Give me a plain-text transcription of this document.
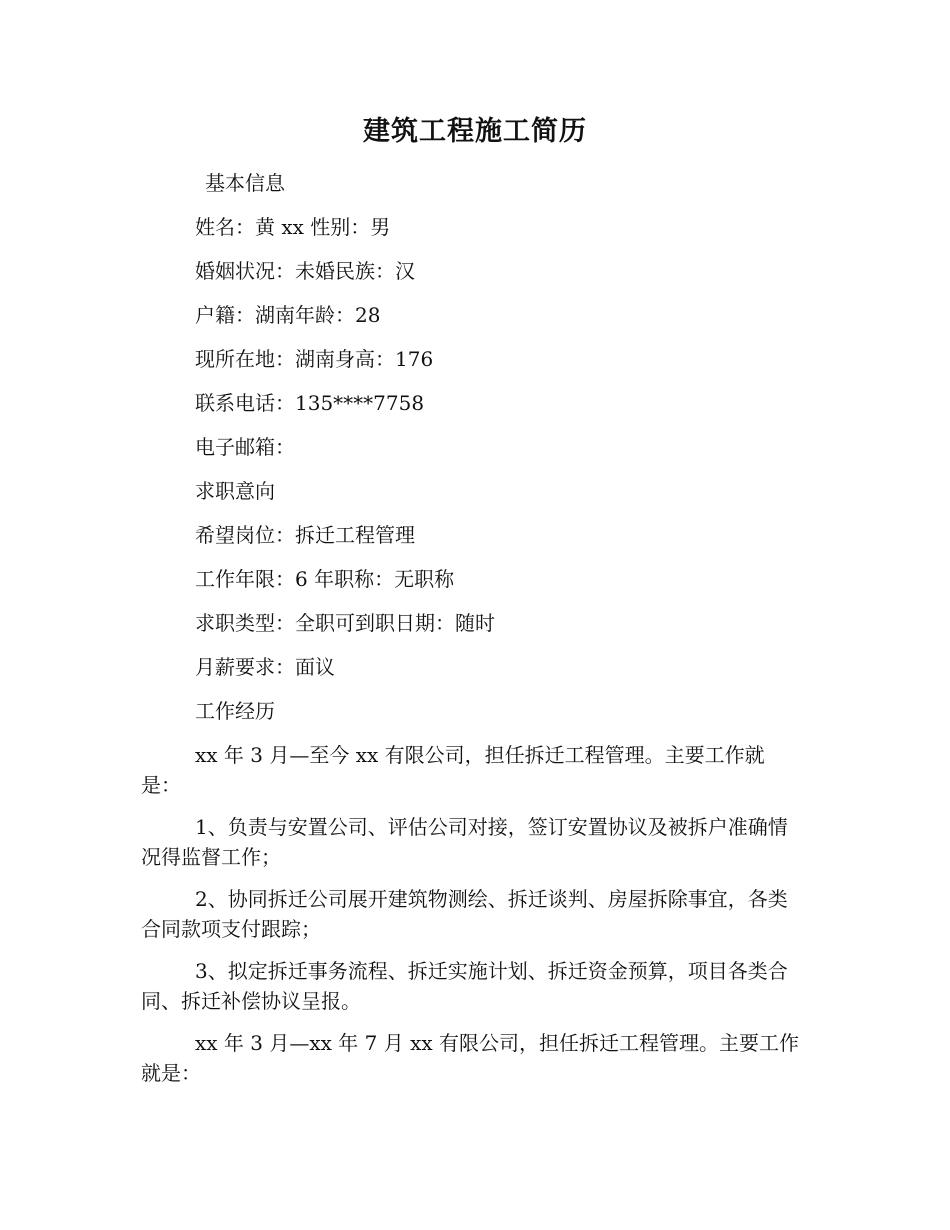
建筑工程施工简历
基本信息
姓名：黄 xx 性别：男
婚姻状况：未婚民族：汉
户籍：湖南年龄：28
现所在地：湖南身高：176
联系电话：135****7758
电子邮箱：
求职意向
希望岗位：拆迁工程管理
工作年限：6 年职称：无职称
求职类型：全职可到职日期：随时
月薪要求：面议
工作经历
xx 年 3 月—至今 xx 有限公司，担任拆迁工程管理。主要工作就是：
1、负责与安置公司、评估公司对接，签订安置协议及被拆户准确情况得监督工作；
2、协同拆迁公司展开建筑物测绘、拆迁谈判、房屋拆除事宜，各类合同款项支付跟踪；
3、拟定拆迁事务流程、拆迁实施计划、拆迁资金预算，项目各类合同、拆迁补偿协议呈报。
xx 年 3 月—xx 年 7 月 xx 有限公司，担任拆迁工程管理。主要工作就是：
